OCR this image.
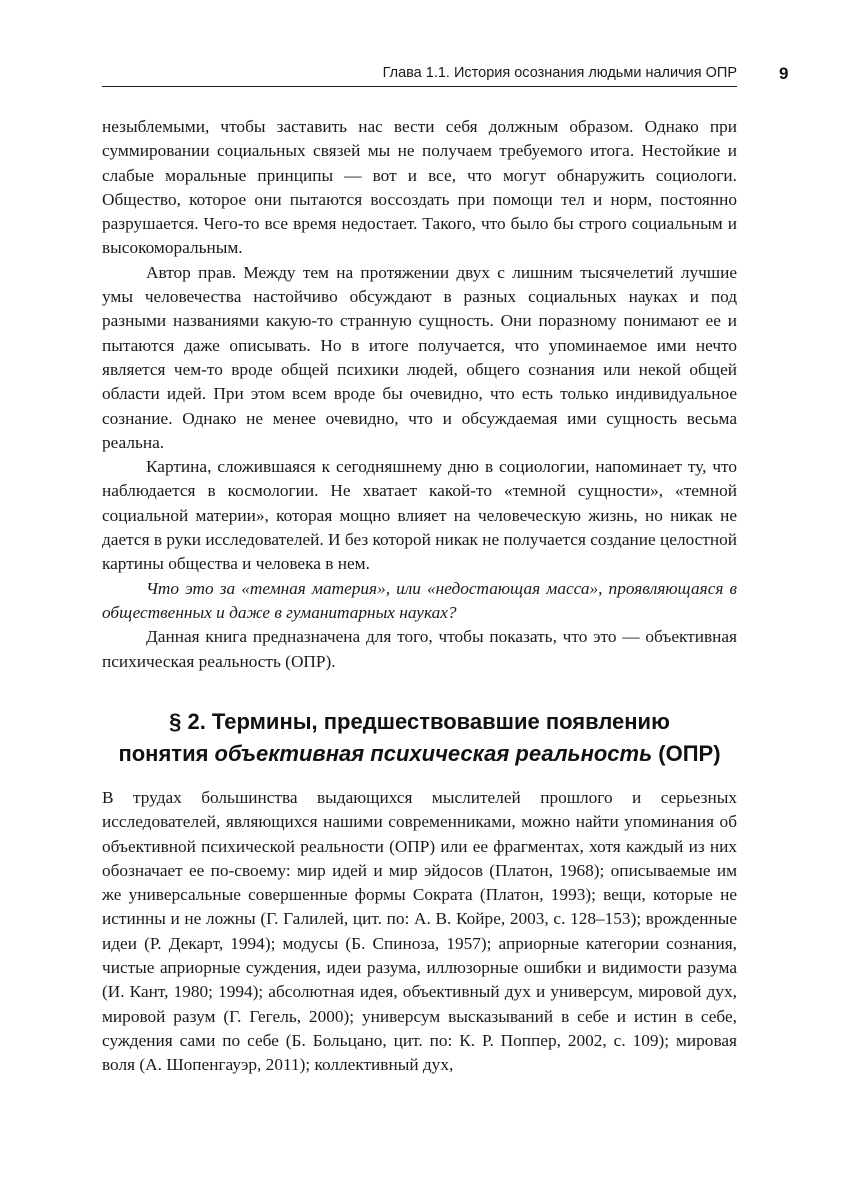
Глава 1.1. История осознания людьми наличия ОПР 9

незыблемыми, чтобы заставить нас вести себя должным образом. Однако при суммировании социальных связей мы не получаем требуемого итога. Нестойкие и слабые моральные принципы — вот и все, что могут обнаружить социологи. Общество, которое они пытаются воссоздать при помощи тел и норм, постоянно разрушается. Чего-то все время недостает. Такого, что было бы строго социальным и высокоморальным.

Автор прав. Между тем на протяжении двух с лишним тысячелетий лучшие умы человечества настойчиво обсуждают в разных социальных науках и под разными названиями какую-то странную сущность. Они поразному понимают ее и пытаются даже описывать. Но в итоге получается, что упоминаемое ими нечто является чем-то вроде общей психики людей, общего сознания или некой общей области идей. При этом всем вроде бы очевидно, что есть только индивидуальное сознание. Однако не менее очевидно, что и обсуждаемая ими сущность весьма реальна.

Картина, сложившаяся к сегодняшнему дню в социологии, напоминает ту, что наблюдается в космологии. Не хватает какой-то «темной сущности», «темной социальной материи», которая мощно влияет на человеческую жизнь, но никак не дается в руки исследователей. И без которой никак не получается создание целостной картины общества и человека в нем.

Что это за «темная материя», или «недостающая масса», проявляющаяся в общественных и даже в гуманитарных науках?

Данная книга предназначена для того, чтобы показать, что это — объективная психическая реальность (ОПР).

§ 2. Термины, предшествовавшие появлению
понятия объективная психическая реальность (ОПР)

В трудах большинства выдающихся мыслителей прошлого и серьезных исследователей, являющихся нашими современниками, можно найти упоминания об объективной психической реальности (ОПР) или ее фрагментах, хотя каждый из них обозначает ее по-своему: мир идей и мир эйдосов (Платон, 1968); описываемые им же универсальные совершенные формы Сократа (Платон, 1993); вещи, которые не истинны и не ложны (Г. Галилей, цит. по: А. В. Койре, 2003, с. 128–153); врожденные идеи (Р. Декарт, 1994); модусы (Б. Спиноза, 1957); априорные категории сознания, чистые априорные суждения, идеи разума, иллюзорные ошибки и видимости разума (И. Кант, 1980; 1994); абсолютная идея, объективный дух и универсум, мировой дух, мировой разум (Г. Гегель, 2000); универсум высказываний в себе и истин в себе, суждения сами по себе (Б. Больцано, цит. по: К. Р. Поппер, 2002, с. 109); мировая воля (А. Шопенгауэр, 2011); коллективный дух,
